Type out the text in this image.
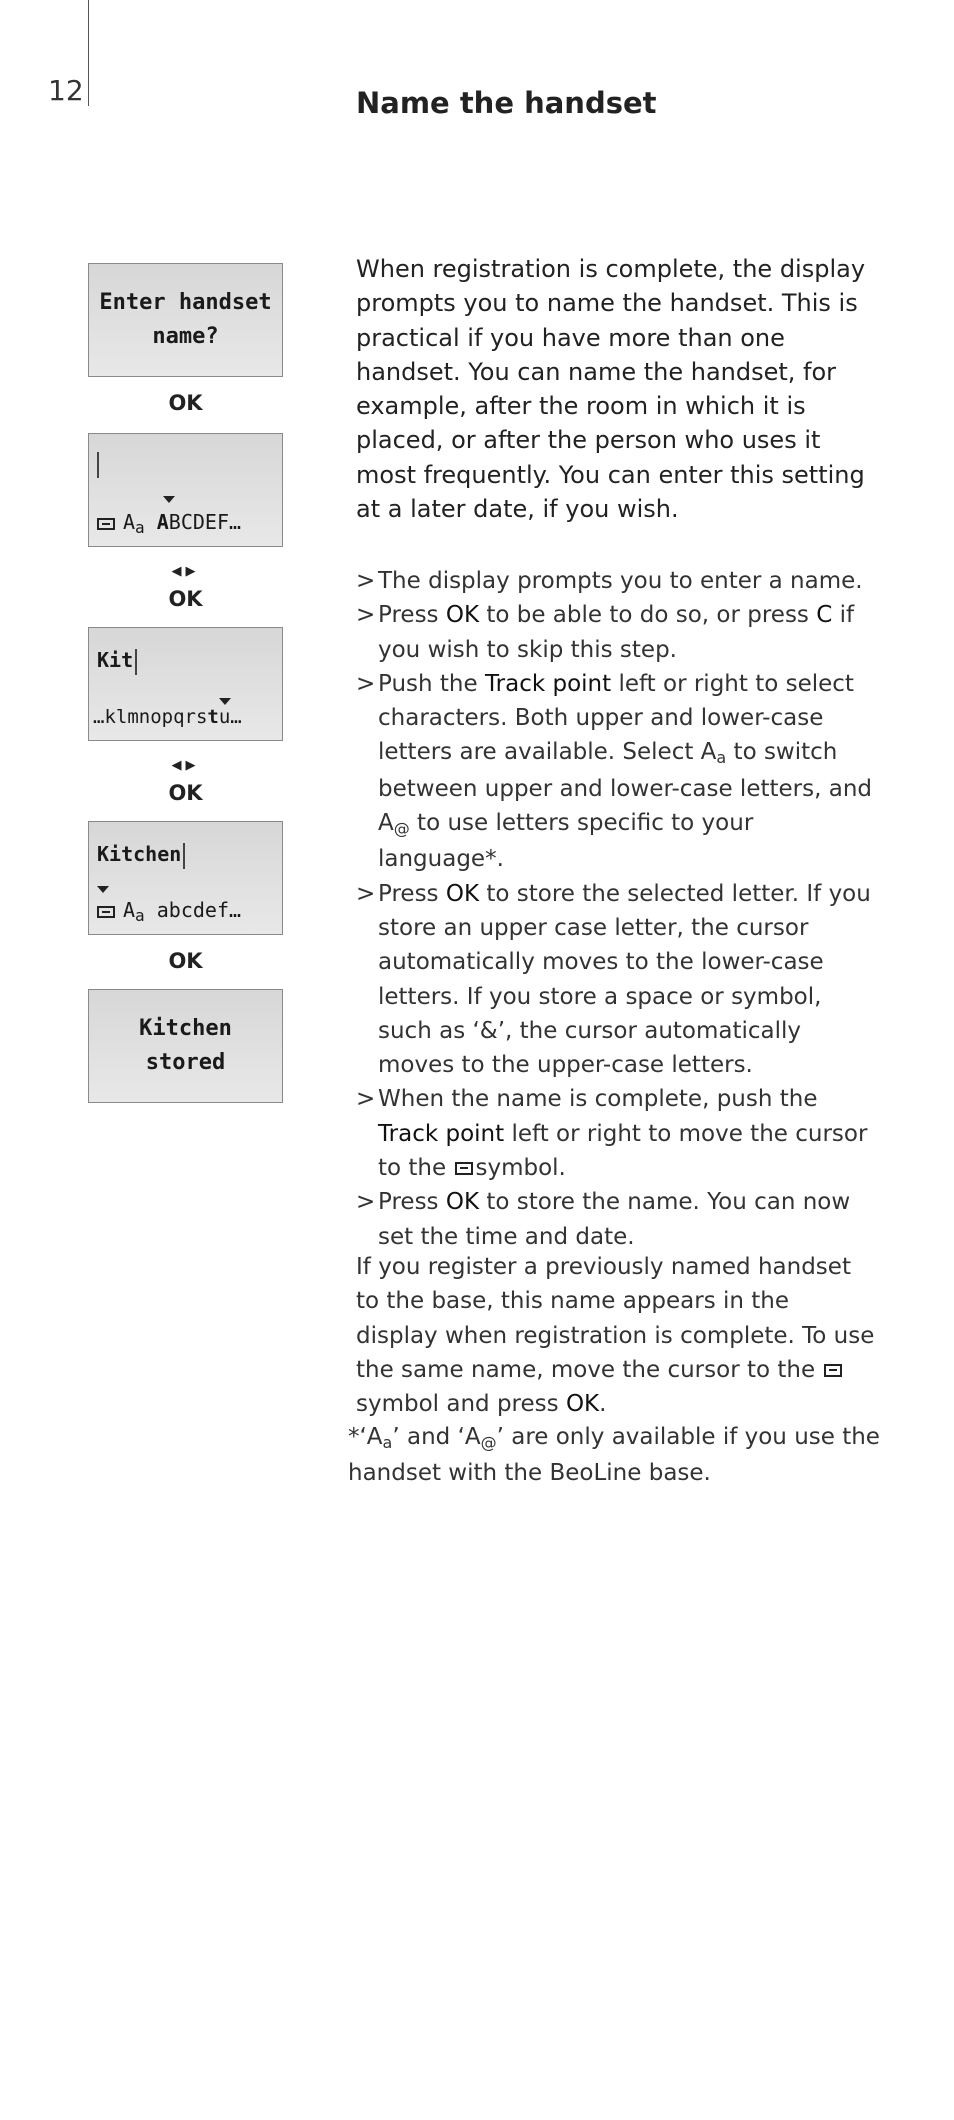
12	Name the handset
Enter handset
name?
OK
$A_a$ ABCDEF…
◀▶
OK
Kit
…klmnopqrstu…
◀▶
OK
Kitchen
$A_a$ abcdef…
OK
Kitchen
stored

When registration is complete, the display prompts you to name the handset. This is practical if you have more than one handset. You can name the handset, for example, after the room in which it is placed, or after the person who uses it most frequently. You can enter this setting at a later date, if you wish.

> The display prompts you to enter a name.
> Press OK to be able to do so, or press C if you wish to skip this step.
> Push the Track point left or right to select characters. Both upper and lower-case letters are available. Select Aa to switch between upper and lower-case letters, and A@ to use letters specific to your language*.
> Press OK to store the selected letter. If you store an upper case letter, the cursor automatically moves to the lower-case letters. If you store a space or symbol, such as ‘&’, the cursor automatically moves to the upper-case letters.
> When the name is complete, push the Track point left or right to move the cursor to the symbol.
> Press OK to store the name. You can now set the time and date.

If you register a previously named handset to the base, this name appears in the display when registration is complete. To use the same name, move the cursor to the symbol and press OK.

*‘Aa’ and ‘A@’ are only available if you use the handset with the BeoLine base.
